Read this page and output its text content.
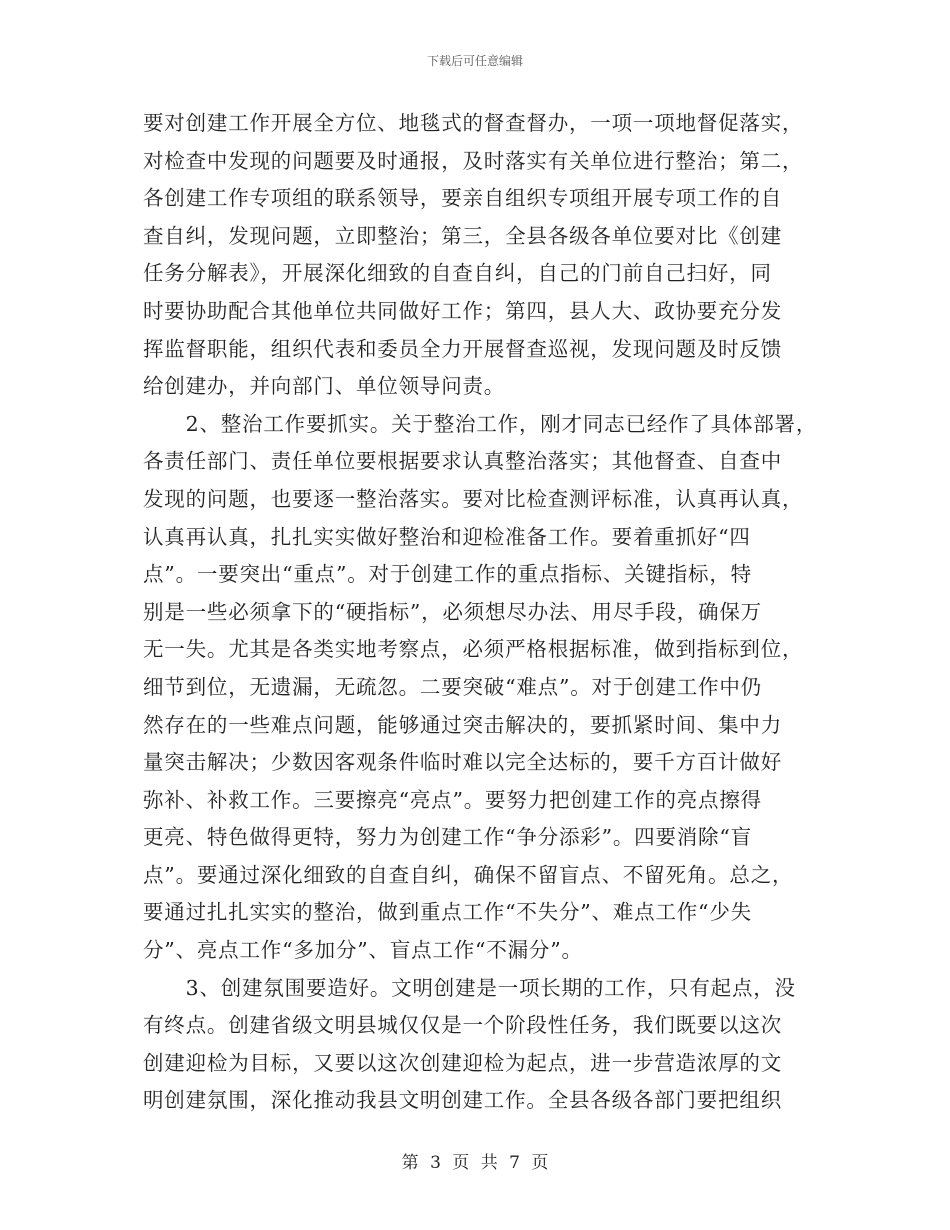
下载后可任意编辑
要对创建工作开展全方位、地毯式的督查督办，一项一项地督促落实，
对检查中发现的问题要及时通报，及时落实有关单位进行整治；第二，
各创建工作专项组的联系领导，要亲自组织专项组开展专项工作的自
查自纠，发现问题，立即整治；第三，全县各级各单位要对比《创建
任务分解表》，开展深化细致的自查自纠，自己的门前自己扫好，同
时要协助配合其他单位共同做好工作；第四，县人大、政协要充分发
挥监督职能，组织代表和委员全力开展督查巡视，发现问题及时反馈
给创建办，并向部门、单位领导问责。
　　2、整治工作要抓实。关于整治工作，刚才同志已经作了具体部署，
各责任部门、责任单位要根据要求认真整治落实；其他督查、自查中
发现的问题，也要逐一整治落实。要对比检查测评标准，认真再认真，
认真再认真，扎扎实实做好整治和迎检准备工作。要着重抓好“四
点”。一要突出“重点”。对于创建工作的重点指标、关键指标，特
别是一些必须拿下的“硬指标”，必须想尽办法、用尽手段，确保万
无一失。尤其是各类实地考察点，必须严格根据标准，做到指标到位，
细节到位，无遗漏，无疏忽。二要突破“难点”。对于创建工作中仍
然存在的一些难点问题，能够通过突击解决的，要抓紧时间、集中力
量突击解决；少数因客观条件临时难以完全达标的，要千方百计做好
弥补、补救工作。三要擦亮“亮点”。要努力把创建工作的亮点擦得
更亮、特色做得更特，努力为创建工作“争分添彩”。四要消除“盲
点”。要通过深化细致的自查自纠，确保不留盲点、不留死角。总之，
要通过扎扎实实的整治，做到重点工作“不失分”、难点工作“少失
分”、亮点工作“多加分”、盲点工作“不漏分”。
　　3、创建氛围要造好。文明创建是一项长期的工作，只有起点，没
有终点。创建省级文明县城仅仅是一个阶段性任务，我们既要以这次
创建迎检为目标，又要以这次创建迎检为起点，进一步营造浓厚的文
明创建氛围，深化推动我县文明创建工作。全县各级各部门要把组织
第 3 页 共 7 页
